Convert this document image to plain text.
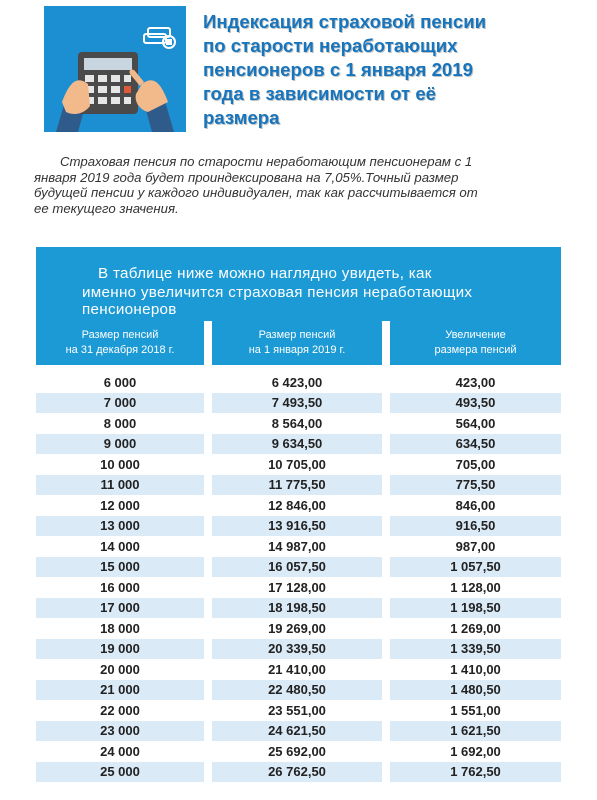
Индексация страховой пенсии
по старости неработающих
пенсионеров с 1 января 2019
года в зависимости от её
размера
Страховая пенсия по старости неработающим пенсионерам с 1
января 2019 года будет проиндексирована на 7,05%.Точный размер
будущей пенсии у каждого индивидуален, так как рассчитывается от
ее текущего значения.
В таблице ниже можно наглядно увидеть, как
именно увеличится страховая пенсия неработающих
пенсионеров
Размер пенсий
на 31 декабря 2018 г.
Размер пенсий
на 1 января 2019 г.
Увеличение
размера пенсий
6 000	6 423,00	423,00
7 000	7 493,50	493,50
8 000	8 564,00	564,00
9 000	9 634,50	634,50
10 000	10 705,00	705,00
11 000	11 775,50	775,50
12 000	12 846,00	846,00
13 000	13 916,50	916,50
14 000	14 987,00	987,00
15 000	16 057,50	1 057,50
16 000	17 128,00	1 128,00
17 000	18 198,50	1 198,50
18 000	19 269,00	1 269,00
19 000	20 339,50	1 339,50
20 000	21 410,00	1 410,00
21 000	22 480,50	1 480,50
22 000	23 551,00	1 551,00
23 000	24 621,50	1 621,50
24 000	25 692,00	1 692,00
25 000	26 762,50	1 762,50
